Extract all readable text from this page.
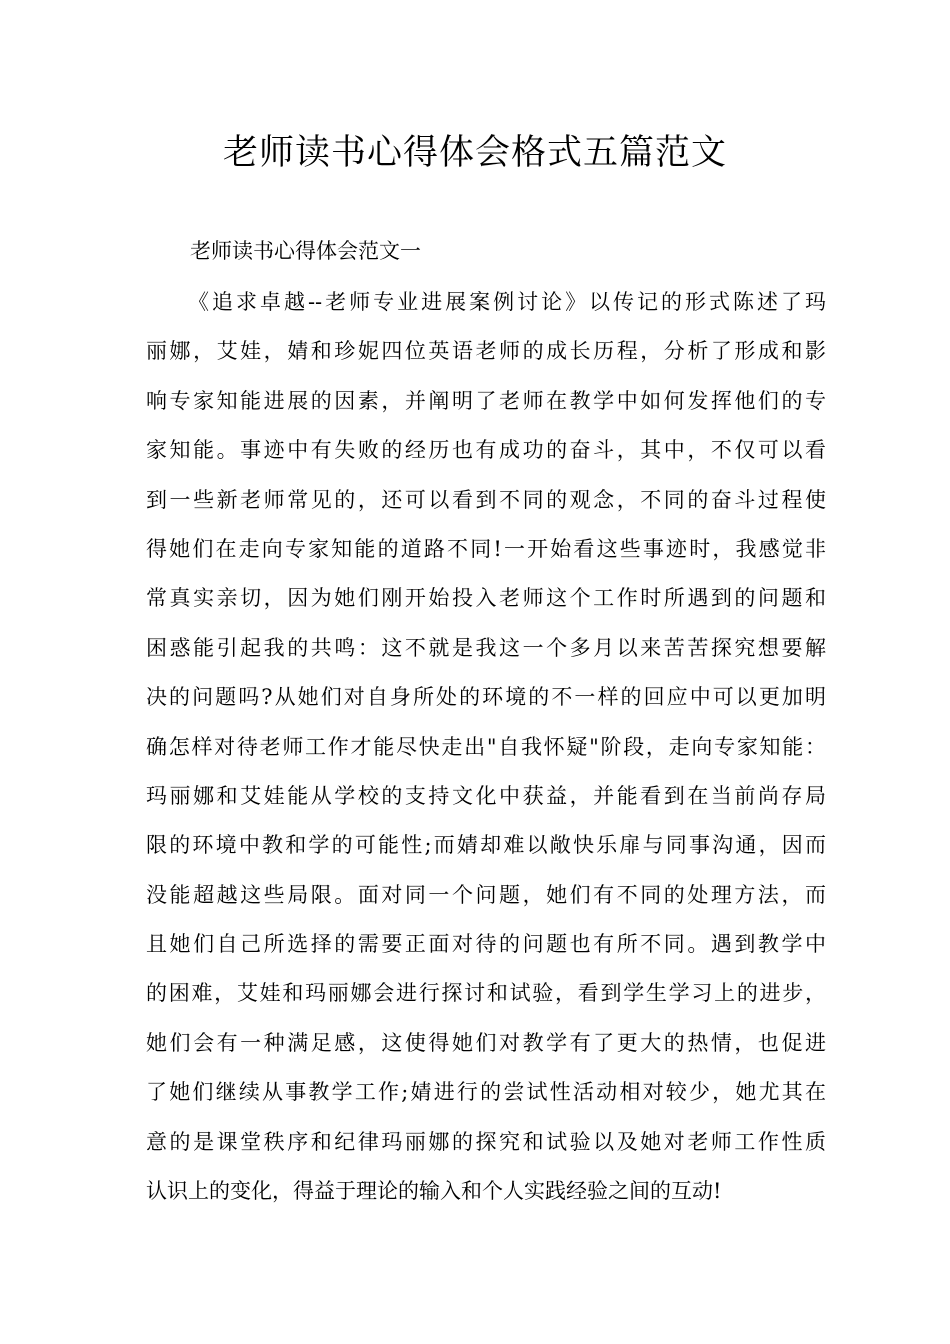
老师读书心得体会格式五篇范文

老师读书心得体会范文一

《追求卓越--老师专业进展案例讨论》以传记的形式陈述了玛
丽娜，艾娃，婧和珍妮四位英语老师的成长历程，分析了形成和影
响专家知能进展的因素，并阐明了老师在教学中如何发挥他们的专
家知能。事迹中有失败的经历也有成功的奋斗，其中，不仅可以看
到一些新老师常见的，还可以看到不同的观念，不同的奋斗过程使
得她们在走向专家知能的道路不同!一开始看这些事迹时，我感觉非
常真实亲切，因为她们刚开始投入老师这个工作时所遇到的问题和
困惑能引起我的共鸣：这不就是我这一个多月以来苦苦探究想要解
决的问题吗?从她们对自身所处的环境的不一样的回应中可以更加明
确怎样对待老师工作才能尽快走出"自我怀疑"阶段，走向专家知能：
玛丽娜和艾娃能从学校的支持文化中获益，并能看到在当前尚存局
限的环境中教和学的可能性;而婧却难以敞快乐扉与同事沟通，因而
没能超越这些局限。面对同一个问题，她们有不同的处理方法，而
且她们自己所选择的需要正面对待的问题也有所不同。遇到教学中
的困难，艾娃和玛丽娜会进行探讨和试验，看到学生学习上的进步，
她们会有一种满足感，这使得她们对教学有了更大的热情，也促进
了她们继续从事教学工作;婧进行的尝试性活动相对较少，她尤其在
意的是课堂秩序和纪律玛丽娜的探究和试验以及她对老师工作性质
认识上的变化，得益于理论的输入和个人实践经验之间的互动!
